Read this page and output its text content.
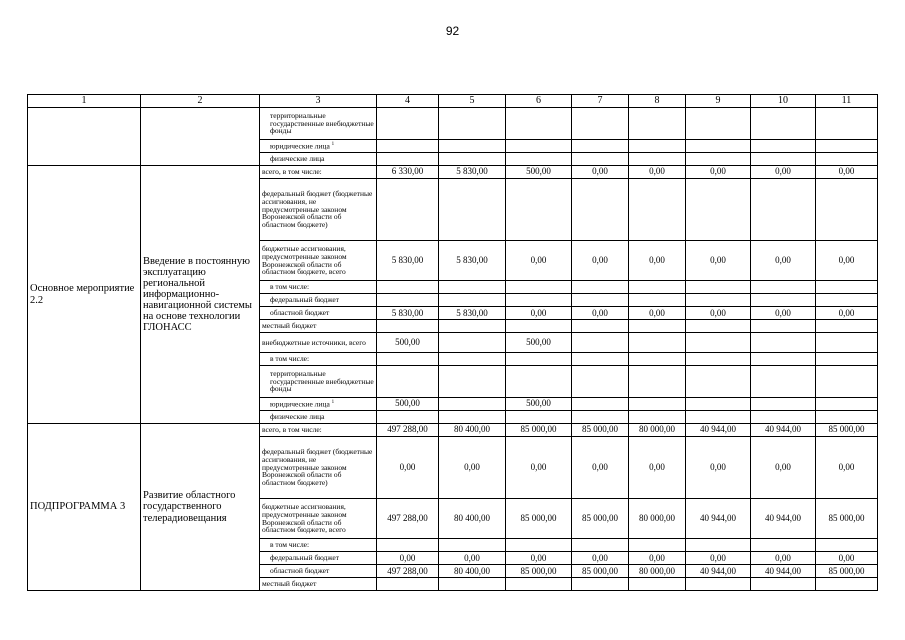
92
1	2	3	4	5	6	7	8	9	10	11
		территориальные государственные внебюджетные фонды								
		юридические лица $^1$								
		физические лица								
Основное мероприятие 2.2	Введение в постоянную эксплуатацию региональной информационно-навигационной системы на основе технологии ГЛОНАСС	всего, в том числе:	6 330,00	5 830,00	500,00	0,00	0,00	0,00	0,00	0,00
		федеральный бюджет (бюджетные ассигнования, не предусмотренные законом Воронежской области об областном бюджете)								
		бюджетные ассигнования, предусмотренные законом Воронежской области об областном бюджете, всего	5 830,00	5 830,00	0,00	0,00	0,00	0,00	0,00	0,00
		в том числе:								
		федеральный бюджет								
		областной бюджет	5 830,00	5 830,00	0,00	0,00	0,00	0,00	0,00	0,00
		местный бюджет								
		внебюджетные источники, всего	500,00		500,00					
		в том числе:								
		территориальные государственные внебюджетные фонды								
		юридические лица $^1$	500,00		500,00					
		физические лица								
ПОДПРОГРАММА 3	Развитие областного государственного телерадиовещания	всего, в том числе:	497 288,00	80 400,00	85 000,00	85 000,00	80 000,00	40 944,00	40 944,00	85 000,00
		федеральный бюджет (бюджетные ассигнования, не предусмотренные законом Воронежской области об областном бюджете)	0,00	0,00	0,00	0,00	0,00	0,00	0,00	0,00
		бюджетные ассигнования, предусмотренные законом Воронежской области об областном бюджете, всего	497 288,00	80 400,00	85 000,00	85 000,00	80 000,00	40 944,00	40 944,00	85 000,00
		в том числе:								
		федеральный бюджет	0,00	0,00	0,00	0,00	0,00	0,00	0,00	0,00
		областной бюджет	497 288,00	80 400,00	85 000,00	85 000,00	80 000,00	40 944,00	40 944,00	85 000,00
		местный бюджет								
